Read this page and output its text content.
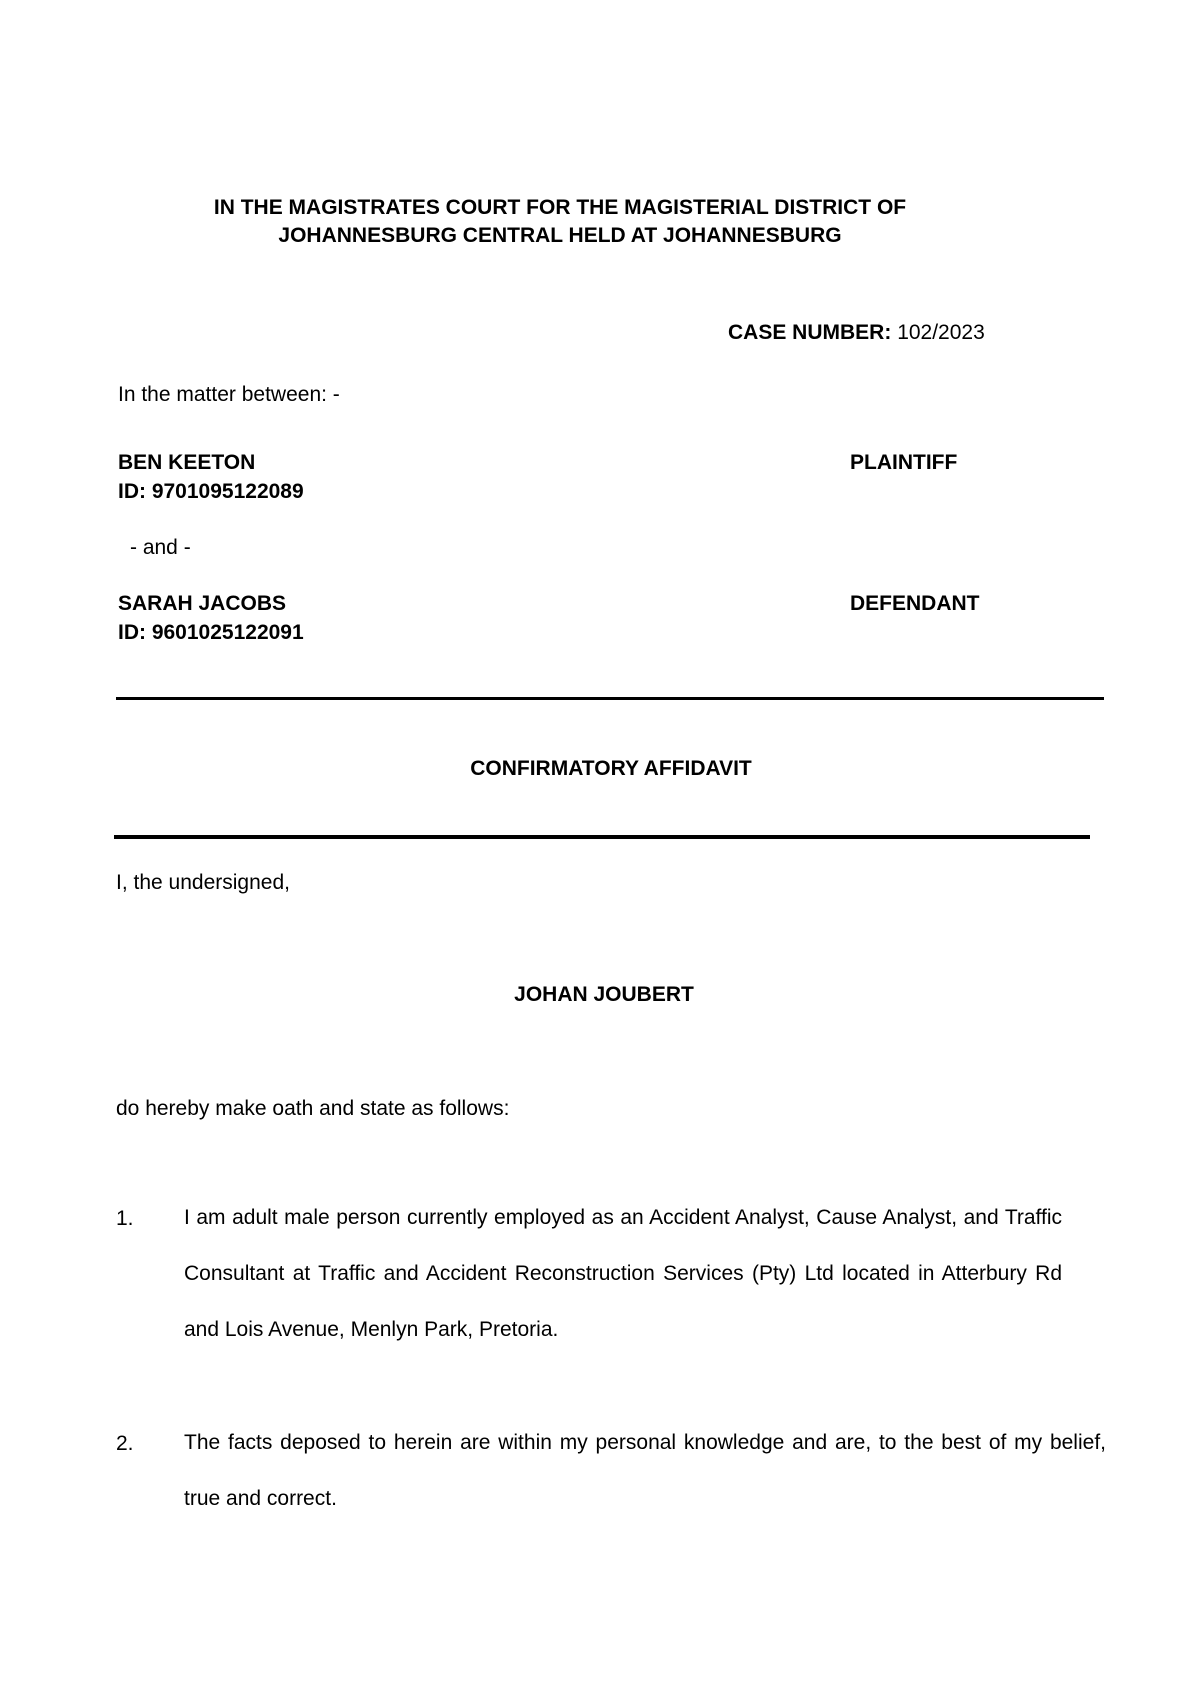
IN THE MAGISTRATES COURT FOR THE MAGISTERIAL DISTRICT OF
JOHANNESBURG CENTRAL HELD AT JOHANNESBURG
CASE NUMBER: 102/2023
In the matter between: -
BEN KEETON
ID: 9701095122089
PLAINTIFF
- and -
SARAH JACOBS
ID: 9601025122091
DEFENDANT
CONFIRMATORY AFFIDAVIT
I, the undersigned,
JOHAN JOUBERT
do hereby make oath and state as follows:
1. I am adult male person currently employed as an Accident Analyst, Cause Analyst, and Traffic Consultant at Traffic and Accident Reconstruction Services (Pty) Ltd located in Atterbury Rd and Lois Avenue, Menlyn Park, Pretoria.
2. The facts deposed to herein are within my personal knowledge and are, to the best of my belief, true and correct.
